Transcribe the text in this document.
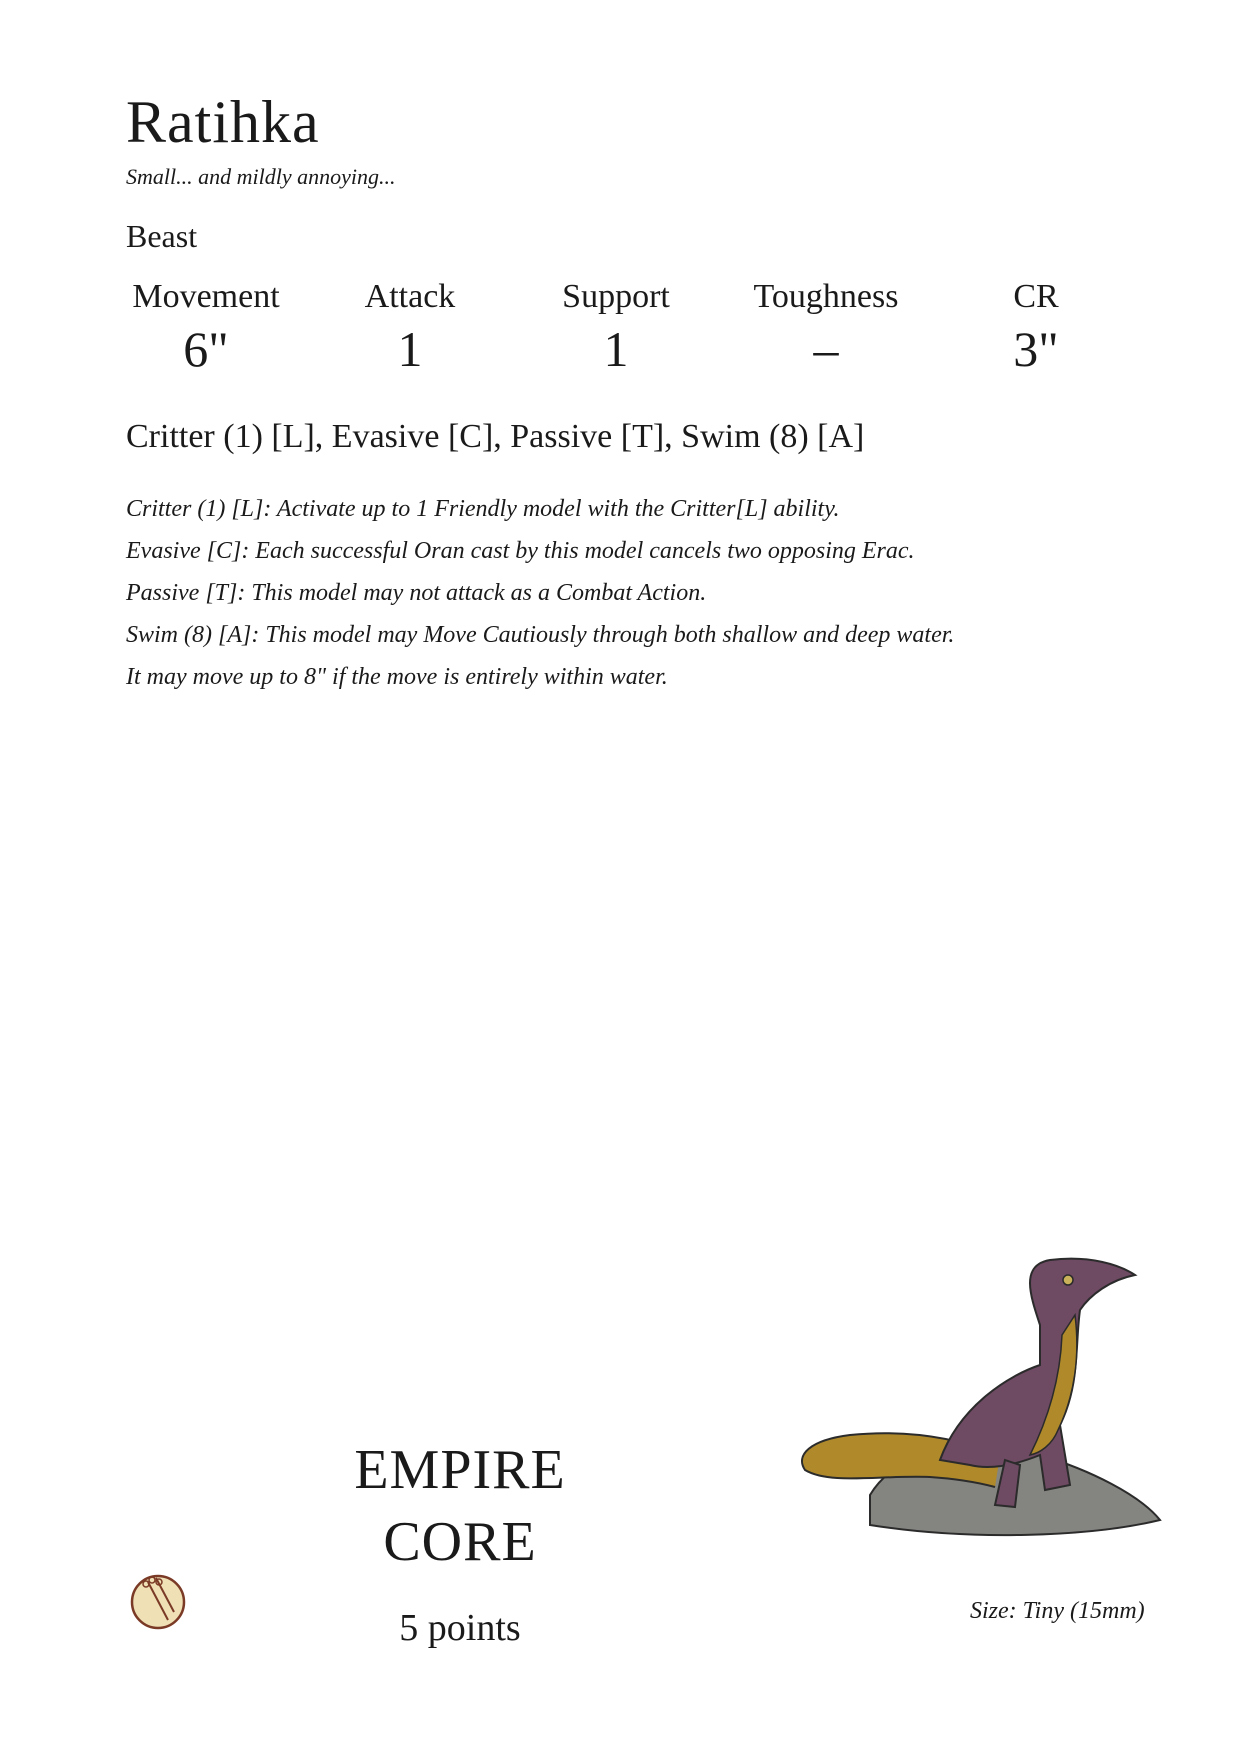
Ratihka
Small... and mildly annoying...
Beast
Movement
6"
Attack
1
Support
1
Toughness
–
CR
3"
Critter (1) [L], Evasive [C], Passive [T], Swim (8) [A]
Critter (1) [L]: Activate up to 1 Friendly model with the Critter[L] ability.
Evasive [C]: Each successful Oran cast by this model cancels two opposing Erac.
Passive [T]: This model may not attack as a Combat Action.
Swim (8) [A]: This model may Move Cautiously through both shallow and deep water.
It may move up to 8" if the move is entirely within water.
EMPIRE
CORE
5 points	Size: Tiny (15mm)
